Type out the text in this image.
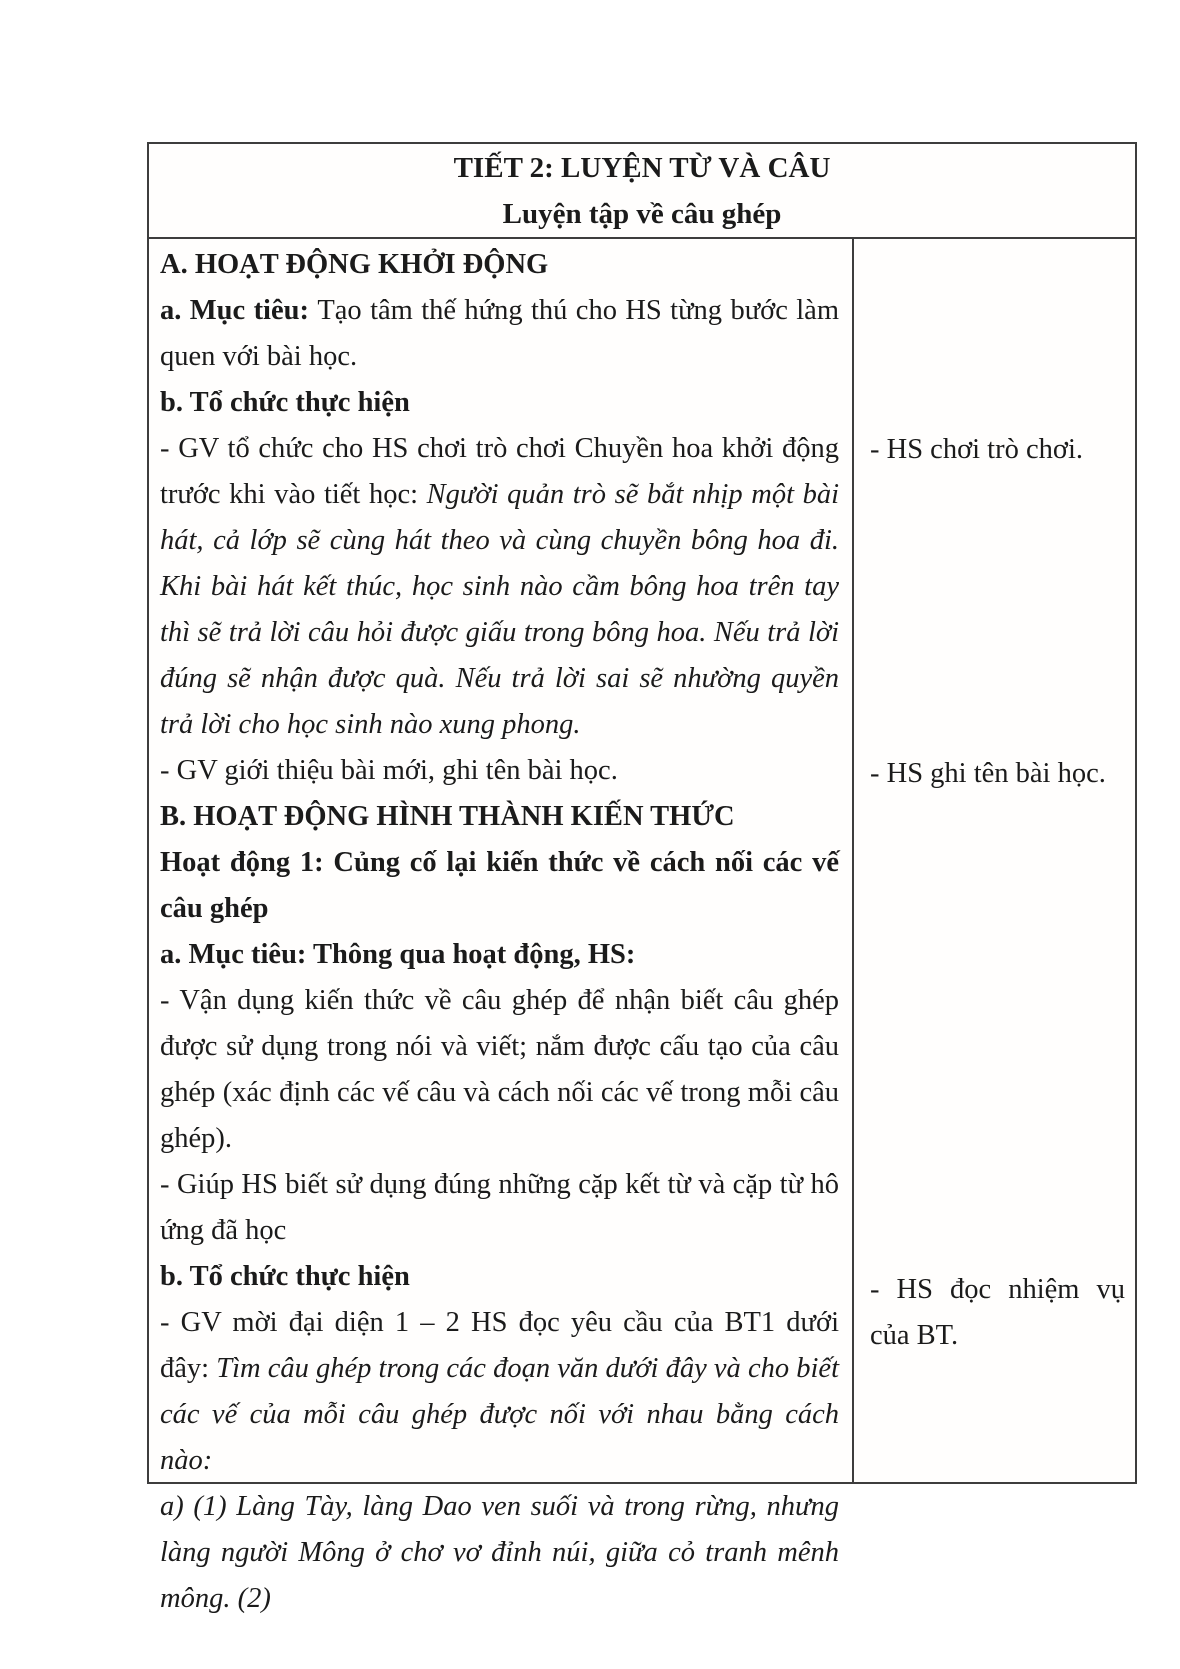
TIẾT 2: LUYỆN TỪ VÀ CÂU
Luyện tập về câu ghép

A. HOẠT ĐỘNG KHỞI ĐỘNG

a. Mục tiêu: Tạo tâm thế hứng thú cho HS từng bước làm quen với bài học.

b. Tổ chức thực hiện

- GV tổ chức cho HS chơi trò chơi Chuyền hoa khởi động trước khi vào tiết học: Người quản trò sẽ bắt nhịp một bài hát, cả lớp sẽ cùng hát theo và cùng chuyền bông hoa đi. Khi bài hát kết thúc, học sinh nào cầm bông hoa trên tay thì sẽ trả lời câu hỏi được giấu trong bông hoa. Nếu trả lời đúng sẽ nhận được quà. Nếu trả lời sai sẽ nhường quyền trả lời cho học sinh nào xung phong.

- GV giới thiệu bài mới, ghi tên bài học.

B. HOẠT ĐỘNG HÌNH THÀNH KIẾN THỨC

Hoạt động 1: Củng cố lại kiến thức về cách nối các vế câu ghép

a. Mục tiêu: Thông qua hoạt động, HS:

- Vận dụng kiến thức về câu ghép để nhận biết câu ghép được sử dụng trong nói và viết; nắm được cấu tạo của câu ghép (xác định các vế câu và cách nối các vế trong mỗi câu ghép).

- Giúp HS biết sử dụng đúng những cặp kết từ và cặp từ hô ứng đã học

b. Tổ chức thực hiện

- GV mời đại diện 1 – 2 HS đọc yêu cầu của BT1 dưới đây: Tìm câu ghép trong các đoạn văn dưới đây và cho biết các vế của mỗi câu ghép được nối với nhau bằng cách nào:

a) (1) Làng Tày, làng Dao ven suối và trong rừng, nhưng làng người Mông ở chơ vơ đỉnh núi, giữa cỏ tranh mênh mông. (2)

- HS chơi trò chơi.

- HS ghi tên bài học.

- HS đọc nhiệm vụ của BT.
